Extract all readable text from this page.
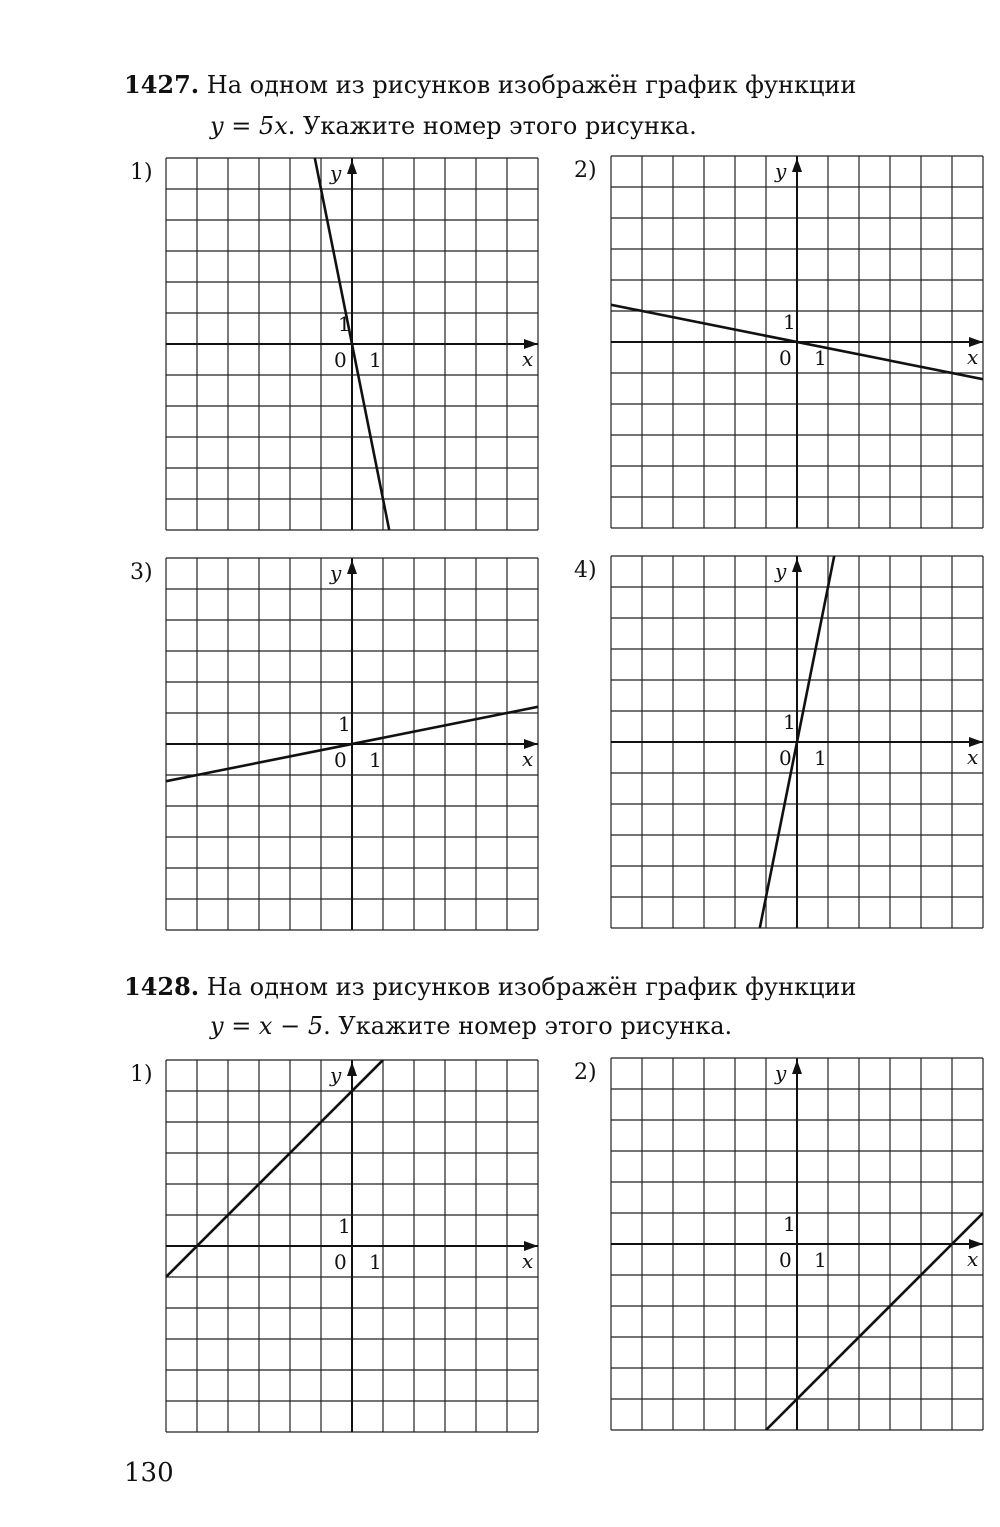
1427. На одном из рисунков изображён график функции
y = 5x. Укажите номер этого рисунка.
1)	2)
3)	4)
y
x
0 1
1
y
x
0 1
1
y
x
0 1
1
y
x
0 1
1
1428. На одном из рисунков изображён график функции
y = x − 5. Укажите номер этого рисунка.
1)	2)
y
x
0 1
1
y
x
0 1
1
130
